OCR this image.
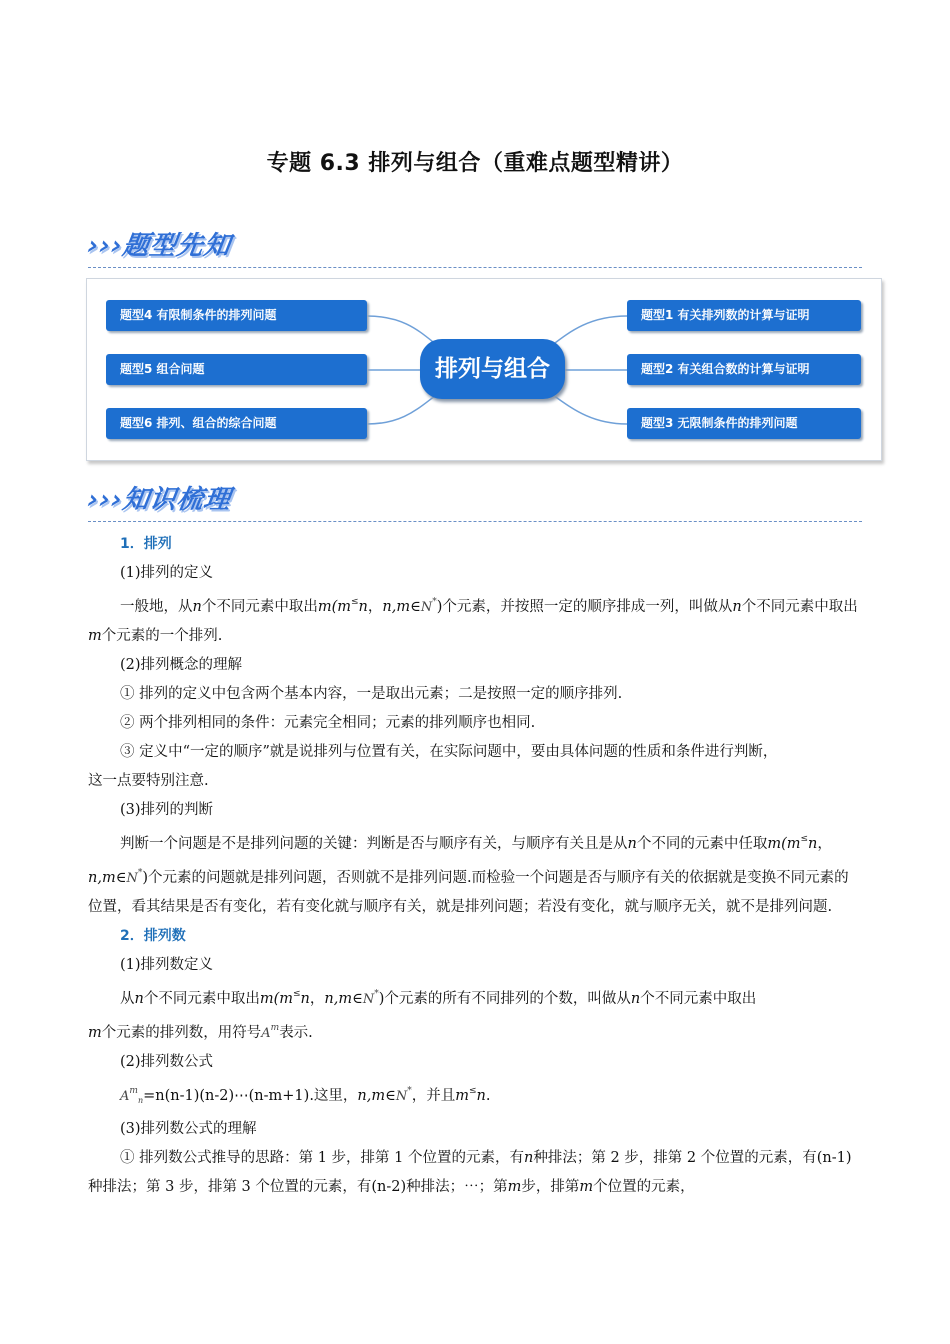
专题 6.3 排列与组合（重难点题型精讲）
›››题型先知
题型4 有限制条件的排列问题
题型5 组合问题
题型6 排列、组合的综合问题
排列与组合
题型1 有关排列数的计算与证明
题型2 有关组合数的计算与证明
题型3 无限制条件的排列问题
›››知识梳理

1．排列

(1)排列的定义

一般地，从n个不同元素中取出m(m≤n，n,m∈N*)个元素，并按照一定的顺序排成一列，叫做从n个不同元素中取出m个元素的一个排列.

(2)排列概念的理解

① 排列的定义中包含两个基本内容，一是取出元素；二是按照一定的顺序排列.

② 两个排列相同的条件：元素完全相同；元素的排列顺序也相同.

③ 定义中“一定的顺序”就是说排列与位置有关，在实际问题中，要由具体问题的性质和条件进行判断，

这一点要特别注意.

(3)排列的判断

判断一个问题是不是排列问题的关键：判断是否与顺序有关，与顺序有关且是从n个不同的元素中任取m(m≤n，n,m∈N*)个元素的问题就是排列问题，否则就不是排列问题.而检验一个问题是否与顺序有关的依据就是变换不同元素的位置，看其结果是否有变化，若有变化就与顺序有关，就是排列问题；若没有变化，就与顺序无关，就不是排列问题.

2．排列数

(1)排列数定义

从n个不同元素中取出m(m≤n，n,m∈N*)个元素的所有不同排列的个数，叫做从n个不同元素中取出

m个元素的排列数，用符号$A^m$表示.

(2)排列数公式

$A^m_n=n(n-1)(n-2)\cdots(n-m+1)$.这里，n,m∈N*，并且m≤n.

(3)排列数公式的理解

① 排列数公式推导的思路：第 1 步，排第 1 个位置的元素，有n种排法；第 2 步，排第 2 个位置的元素，有(n-1)种排法；第 3 步，排第 3 个位置的元素，有(n-2)种排法；⋯；第m步，排第m个位置的元素，
